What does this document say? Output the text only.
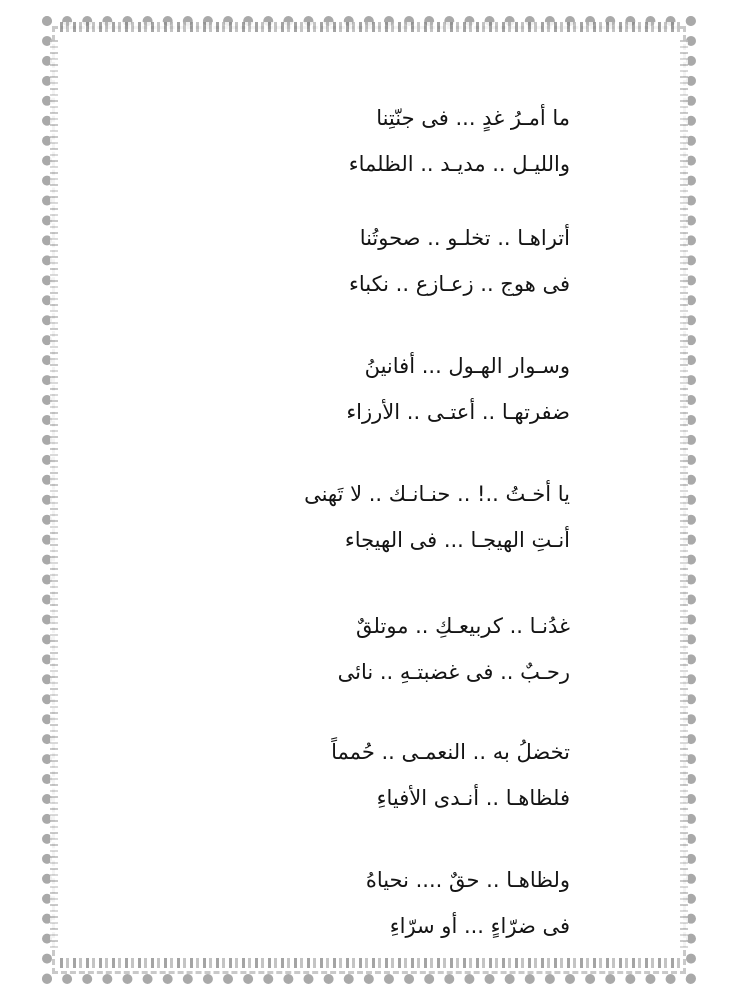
ما أمـرُ غدٍ ... فى جنّتِنا
والليـل .. مديـد .. الظلماء
أتراهـا .. تخلـو .. صحوتُنا
فى هوج .. زعـازع .. نكباء
وسـوار الهـول ... أفانينُ
ضفرتهـا .. أعتـى .. الأرزاء
يا أخـتُ ..! .. حنـانـك .. لا تَهنى
أنـتِ الهيجـا ... فى الهيجاء
غدُنـا .. كربيعـكِ .. موتلقٌ
رحـبٌ .. فى غضبتـهِ .. نائى
تخضلُ به .. النعمـى .. حُمماً
فلظاهـا .. أنـدى الأفياءِ
ولظاهـا .. حقٌ .... نحياهُ
فى ضرّاءٍ ... أو سرّاءِ
